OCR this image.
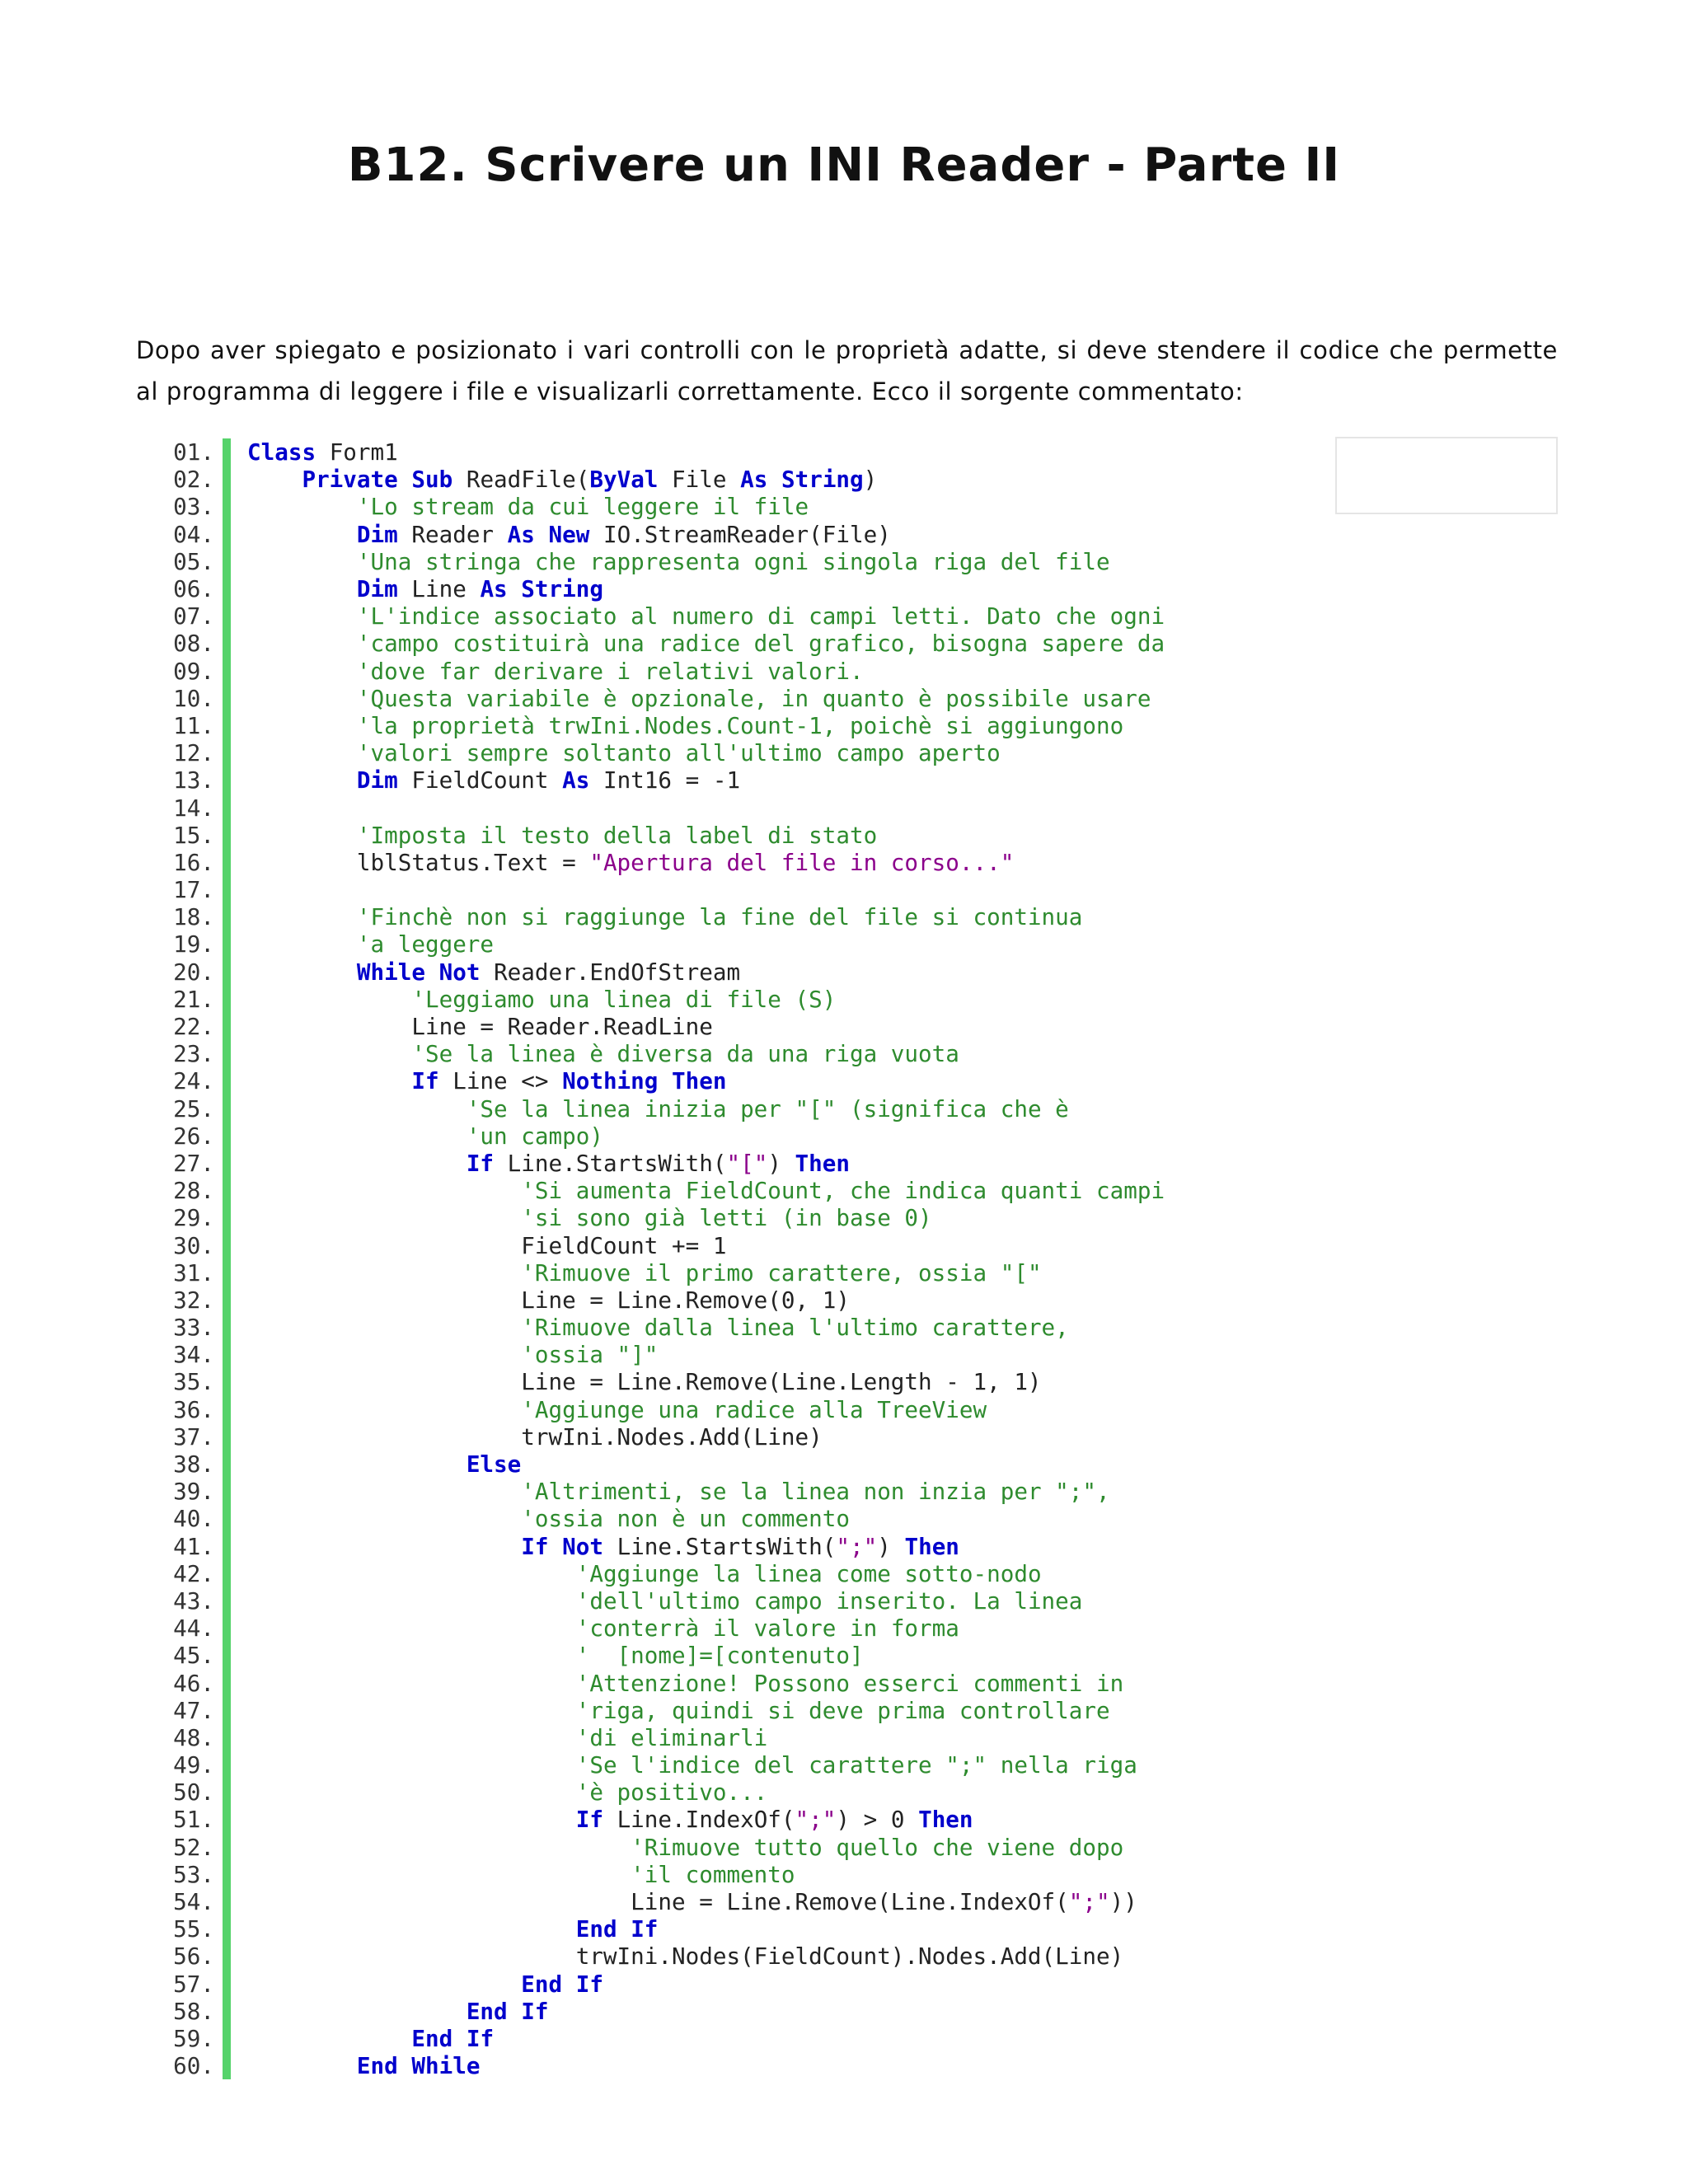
B12. Scrivere un INI Reader - Parte II

Dopo aver spiegato e posizionato i vari controlli con le proprietà adatte, si deve stendere il codice che permette al programma di leggere i file e visualizarli correttamente. Ecco il sorgente commentato:

01.	Class Form1
02.	Private Sub ReadFile(ByVal File As String)
03.	'Lo stream da cui leggere il file
04.	Dim Reader As New IO.StreamReader(File)
05.	'Una stringa che rappresenta ogni singola riga del file
06.	Dim Line As String
07.	'L'indice associato al numero di campi letti. Dato che ogni
08.	'campo costituirà una radice del grafico, bisogna sapere da
09.	'dove far derivare i relativi valori.
10.	'Questa variabile è opzionale, in quanto è possibile usare
11.	'la proprietà trwIni.Nodes.Count-1, poichè si aggiungono
12.	'valori sempre soltanto all'ultimo campo aperto
13.	Dim FieldCount As Int16 = -1
14.
15.	'Imposta il testo della label di stato
16.	lblStatus.Text = "Apertura del file in corso..."
17.
18.	'Finchè non si raggiunge la fine del file si continua
19.	'a leggere
20.	While Not Reader.EndOfStream
21.	'Leggiamo una linea di file (S)
22.	Line = Reader.ReadLine
23.	'Se la linea è diversa da una riga vuota
24.	If Line <> Nothing Then
25.	'Se la linea inizia per "[" (significa che è
26.	'un campo)
27.	If Line.StartsWith("[") Then
28.	'Si aumenta FieldCount, che indica quanti campi
29.	'si sono già letti (in base 0)
30.	FieldCount += 1
31.	'Rimuove il primo carattere, ossia "["
32.	Line = Line.Remove(0, 1)
33.	'Rimuove dalla linea l'ultimo carattere,
34.	'ossia "]"
35.	Line = Line.Remove(Line.Length - 1, 1)
36.	'Aggiunge una radice alla TreeView
37.	trwIni.Nodes.Add(Line)
38.	Else
39.	'Altrimenti, se la linea non inzia per ";",
40.	'ossia non è un commento
41.	If Not Line.StartsWith(";") Then
42.	'Aggiunge la linea come sotto-nodo
43.	'dell'ultimo campo inserito. La linea
44.	'conterrà il valore in forma
45.	'  [nome]=[contenuto]
46.	'Attenzione! Possono esserci commenti in
47.	'riga, quindi si deve prima controllare
48.	'di eliminarli
49.	'Se l'indice del carattere ";" nella riga
50.	'è positivo...
51.	If Line.IndexOf(";") > 0 Then
52.	'Rimuove tutto quello che viene dopo
53.	'il commento
54.	Line = Line.Remove(Line.IndexOf(";"))
55.	End If
56.	trwIni.Nodes(FieldCount).Nodes.Add(Line)
57.	End If
58.	End If
59.	End If
60.	End While
